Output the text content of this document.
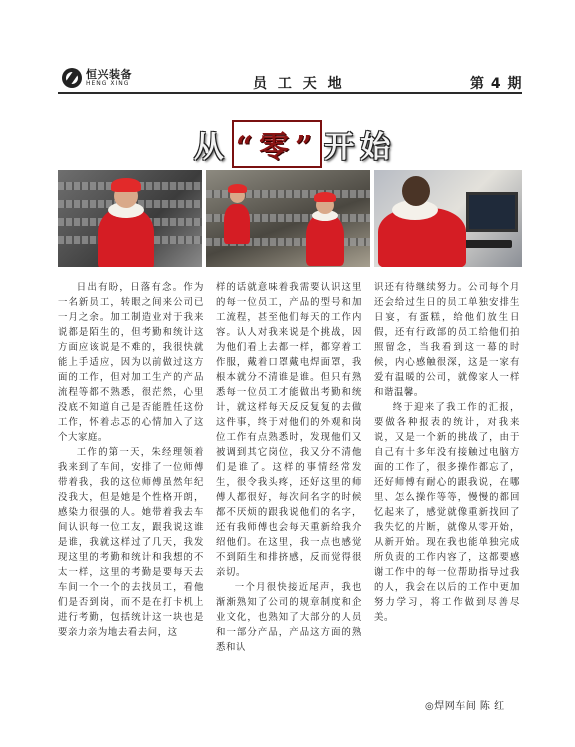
恒兴装备
HENG XING	员 工 天 地	第 4 期
从 “零” 开始

日出有盼，日落有念。作为一名新员工，转眼之间来公司已一月之余。加工制造业对于我来说都是陌生的，但考勤和统计这方面应该说是不难的，我很快就能上手适应，因为以前做过这方面的工作，但对加工生产的产品流程等都不熟悉，很茫然，心里没底不知道自己是否能胜任这份工作，怀着忐忑的心情加入了这个大家庭。

工作的第一天，朱经理领着我来到了车间，安排了一位师傅带着我，我的这位师傅虽然年纪没我大，但是她是个性格开朗，感染力很强的人。她带着我去车间认识每一位工友，跟我说这谁是谁，我就这样过了几天，我发现这里的考勤和统计和我想的不太一样，这里的考勤是要每天去车间一个一个的去找员工，看他们是否到岗，而不是在打卡机上进行考勤，包括统计这一块也是要亲力亲为地去看去问，这

样的话就意味着我需要认识这里的每一位员工，产品的型号和加工流程，甚至他们每天的工作内容。认人对我来说是个挑战，因为他们看上去都一样，都穿着工作服，戴着口罩戴电焊面罩，我根本就分不清谁是谁。但只有熟悉每一位员工才能做出考勤和统计，就这样每天反反复复的去做这件事，终于对他们的外观和岗位工作有点熟悉时，发现他们又被调到其它岗位，我又分不清他们是谁了。这样的事情经常发生，很令我头疼，还好这里的师傅人都很好，每次问名字的时候都不厌烦的跟我说他们的名字，还有我师傅也会每天重新给我介绍他们。在这里，我一点也感觉不到陌生和排挤感，反而觉得很亲切。

一个月很快接近尾声，我也渐渐熟知了公司的规章制度和企业文化，也熟知了大部分的人员和一部分产品，产品这方面的熟悉和认

识还有待继续努力。公司每个月还会给过生日的员工单独安排生日宴，有蛋糕，给他们放生日假，还有行政部的员工给他们拍照留念，当我看到这一幕的时候，内心感触很深，这是一家有爱有温暖的公司，就像家人一样和谐温馨。

终于迎来了我工作的汇报，要做各种报表的统计，对我来说，又是一个新的挑战了，由于自己有十多年没有接触过电脑方面的工作了，很多操作都忘了，还好师傅有耐心的跟我说，在哪里、怎么操作等等，慢慢的都回忆起来了，感觉就像重新找回了我失忆的片断，就像从零开始，从新开始。现在我也能单独完成所负责的工作内容了，这都要感谢工作中的每一位帮助指导过我的人，我会在以后的工作中更加努力学习，将工作做到尽善尽美。

◎焊网车间 陈 红
